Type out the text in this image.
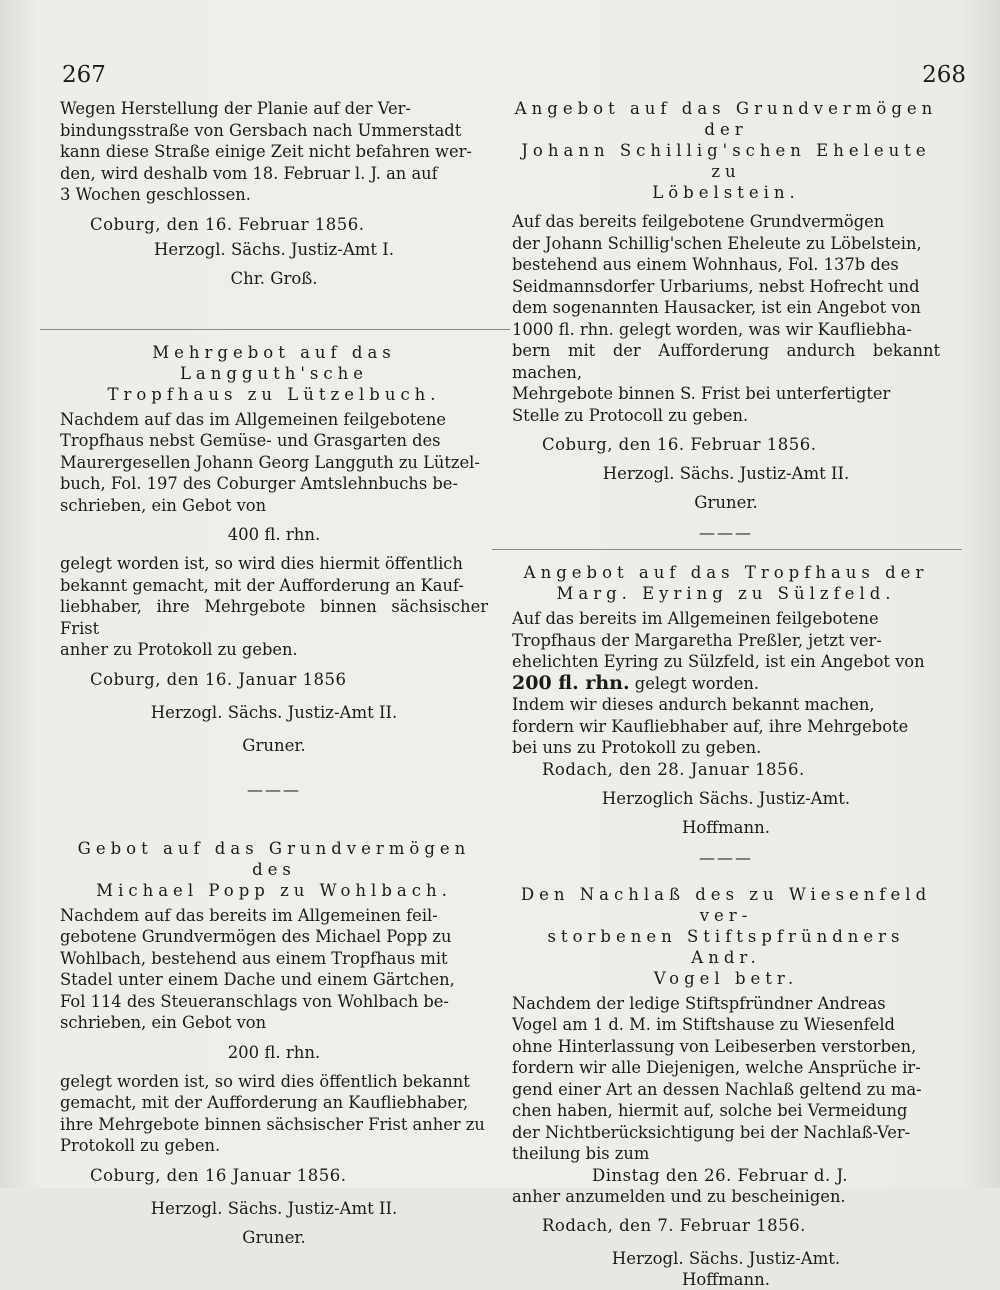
267	268

Wegen Herstellung der Planie auf der Ver-
bindungsstraße von Gersbach nach Ummerstadt
kann diese Straße einige Zeit nicht befahren wer-
den, wird deshalb vom 18. Februar l. J. an auf
3 Wochen geschlossen.

Coburg, den 16. Februar 1856.

Herzogl. Sächs. Justiz-Amt I.

Chr. Groß.

Mehrgebot auf das Langguth'sche
Tropfhaus zu Lützelbuch.

Nachdem auf das im Allgemeinen feilgebotene
Tropfhaus nebst Gemüse- und Grasgarten des
Maurergesellen Johann Georg Langguth zu Lützel-
buch, Fol. 197 des Coburger Amtslehnbuchs be-
schrieben, ein Gebot von

400 fl. rhn.

gelegt worden ist, so wird dies hiermit öffentlich
bekannt gemacht, mit der Aufforderung an Kauf-
liebhaber, ihre Mehrgebote binnen sächsischer Frist
anher zu Protokoll zu geben.

Coburg, den 16. Januar 1856

Herzogl. Sächs. Justiz-Amt II.

Gruner.

———

Gebot auf das Grundvermögen des
Michael Popp zu Wohlbach.

Nachdem auf das bereits im Allgemeinen feil-
gebotene Grundvermögen des Michael Popp zu
Wohlbach, bestehend aus einem Tropfhaus mit
Stadel unter einem Dache und einem Gärtchen,
Fol 114 des Steueranschlags von Wohlbach be-
schrieben, ein Gebot von

200 fl. rhn.

gelegt worden ist, so wird dies öffentlich bekannt
gemacht, mit der Aufforderung an Kaufliebhaber,
ihre Mehrgebote binnen sächsischer Frist anher zu
Protokoll zu geben.

Coburg, den 16 Januar 1856.

Herzogl. Sächs. Justiz-Amt II.

Gruner.

Angebot auf das Grundvermögen der
Johann Schillig'schen Eheleute zu
Löbelstein.

Auf das bereits feilgebotene Grundvermögen
der Johann Schillig'schen Eheleute zu Löbelstein,
bestehend aus einem Wohnhaus, Fol. 137b des
Seidmannsdorfer Urbariums, nebst Hofrecht und
dem sogenannten Hausacker, ist ein Angebot von
1000 fl. rhn. gelegt worden, was wir Kaufliebha-
bern mit der Aufforderung andurch bekannt machen,
Mehrgebote binnen S. Frist bei unterfertigter
Stelle zu Protocoll zu geben.

Coburg, den 16. Februar 1856.

Herzogl. Sächs. Justiz-Amt II.

Gruner.

———

Angebot auf das Tropfhaus der
Marg. Eyring zu Sülzfeld.

Auf das bereits im Allgemeinen feilgebotene
Tropfhaus der Margaretha Preßler, jetzt ver-
ehelichten Eyring zu Sülzfeld, ist ein Angebot von

200 fl. rhn. gelegt worden.

Indem wir dieses andurch bekannt machen,
fordern wir Kaufliebhaber auf, ihre Mehrgebote
bei uns zu Protokoll zu geben.

Rodach, den 28. Januar 1856.

Herzoglich Sächs. Justiz-Amt.

Hoffmann.

———

Den Nachlaß des zu Wiesenfeld ver-
storbenen Stiftspfründners Andr.
Vogel betr.

Nachdem der ledige Stiftspfründner Andreas
Vogel am 1 d. M. im Stiftshause zu Wiesenfeld
ohne Hinterlassung von Leibeserben verstorben,
fordern wir alle Diejenigen, welche Ansprüche ir-
gend einer Art an dessen Nachlaß geltend zu ma-
chen haben, hiermit auf, solche bei Vermeidung
der Nichtberücksichtigung bei der Nachlaß-Ver-
theilung bis zum

Dinstag den 26. Februar d. J.

anher anzumelden und zu bescheinigen.

Rodach, den 7. Februar 1856.

Herzogl. Sächs. Justiz-Amt.

Hoffmann.
